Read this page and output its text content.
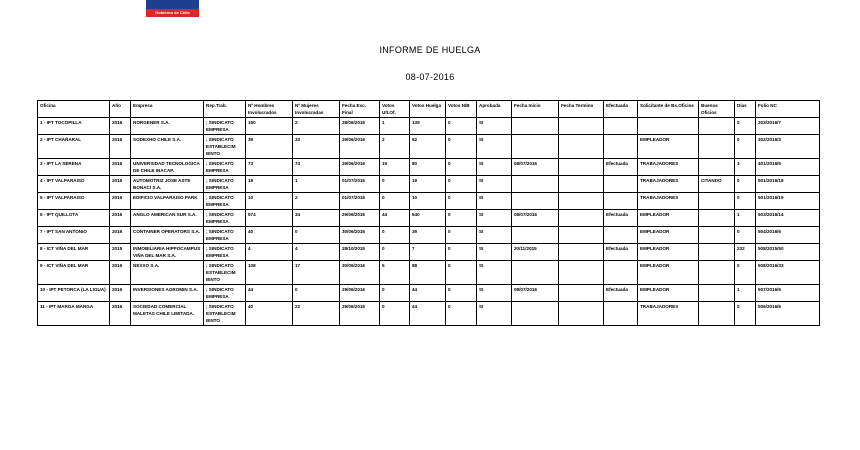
Gobierno de Chile
INFORME DE HUELGA
08-07-2016
Oficina	Año	Empresa	Rep.Trab.	Nº Hombres Involucrados	Nº Mujeres Involucradas	Fecha Exc. Final	Votos Ult.Of.	Votos Huelga	Votos N/B	Aprobada	Fecha Inicio	Fecha Termino	Efectuada	Solicitante de Bs.Oficios	Buenos Oficios	Días	Folio NC
1 - IPT TOCOPILLA	2016	NORGENER S.A.	; SINDICATO EMPRESA	160	2	28/06/2016	1	139	0	SI						0	203/2016/7
2 - IPT CHAÑARAL	2016	SODEXHO CHILE S.A.	; SINDICATO ESTABLECIM IENTO	39	33	29/06/2016	2	62	0	SI				EMPLEADOR		0	302/2016/3
3 - IPT LA SERENA	2016	UNIVERSIDAD TECNOLOGICA DE CHILE INACAP.	; SINDICATO EMPRESA	73	74	29/06/2016	19	80	0	SI	08/07/2016		Efectuada	TRABAJADORES		3	401/2016/6
4 - IPT VALPARAISO	2016	AUTOMOTRIZ JOSE ASTE BONACI S.A.	; SINDICATO EMPRESA	18	1	01/07/2016	0	19	0	SI				TRABAJADORES	CITANDO	0	501/2016/18
5 - IPT VALPARAISO	2016	EDIFICIO VALPARAISO PARK	; SINDICATO EMPRESA	10	2	01/07/2016	0	10	0	SI				TRABAJADORES		0	501/2016/19
6 - IPT QUILLOTA	2016	ANGLO AMERICAN SUR S.A.	; SINDICATO EMPRESA	574	34	29/06/2016	44	540	0	SI	08/07/2016		Efectuada	EMPLEADOR		1	503/2016/14
7 - IPT SAN ANTONIO	2016	CONTAINER OPERATORS S.A.	; SINDICATO EMPRESA	40	0	30/06/2016	0	39	0	SI				EMPLEADOR		0	504/2016/6
8 - ICT VIÑA DEL MAR	2015	INMOBILIARIA HIPPOCAMPUS VIÑA DEL MAR S.A.	; SINDICATO EMPRESA	4	4	28/10/2015	0	7	0	SI	20/11/2015		Efectuada	EMPLEADOR		232	508/2015/50
9 - ICT VIÑA DEL MAR	2016	NEXXO S.A.	; SINDICATO ESTABLECIM IENTO	108	17	30/06/2016	5	88	0	SI				EMPLEADOR		0	508/2016/33
10 - IPT PETORCA (LA LIGUA)	2016	INVERSIONES AGROMIN S.A.	; SINDICATO EMPRESA	44	0	29/06/2016	0	44	0	SI	08/07/2016		Efectuada	EMPLEADOR		1	507/2016/6
11 - IPT MARGA MARGA	2016	SOCIEDAD COMERCIAL MALETAS CHILE LIMITADA.	; SINDICATO ESTABLECIM IENTO	40	22	29/06/2016	0	44	0	SI				TRABAJADORES		0	506/2016/6
